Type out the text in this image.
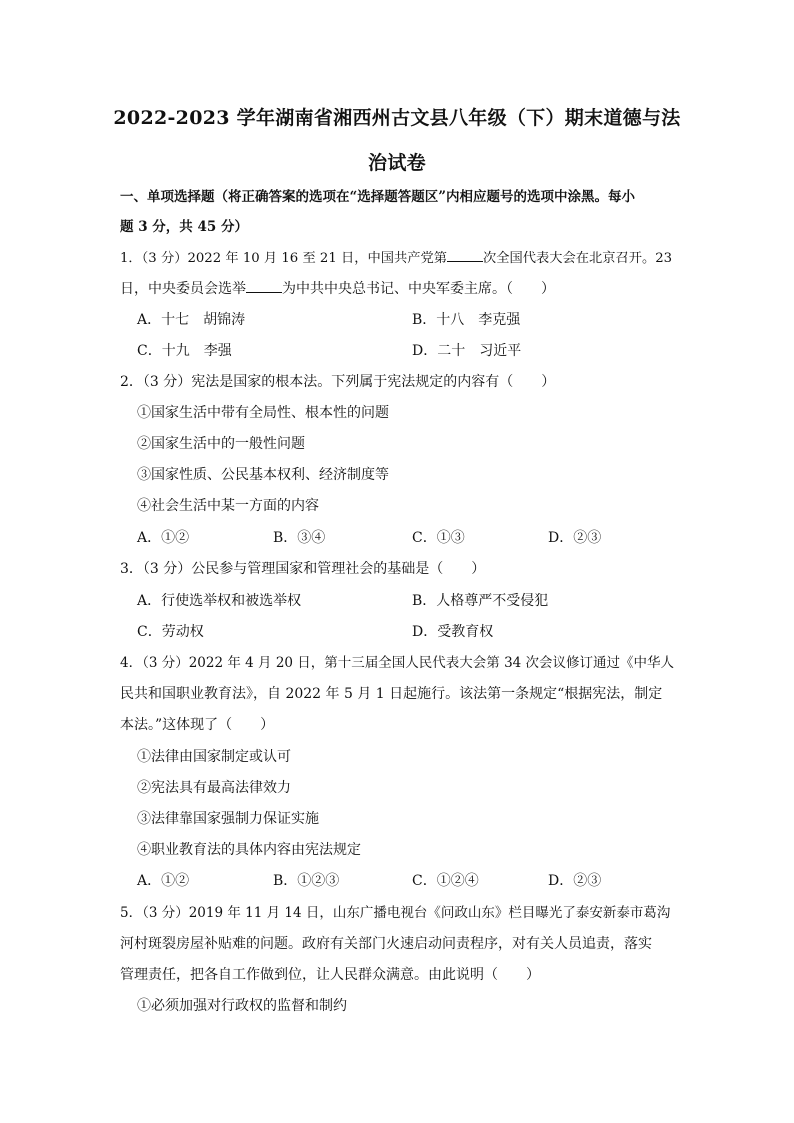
2022-2023 学年湖南省湘西州古文县八年级（下）期末道德与法
治试卷
一、单项选择题（将正确答案的选项在“选择题答题区”内相应题号的选项中涂黑。每小
题 3 分，共 45 分）
1．（3 分）2022 年 10 月 16 至 21 日，中国共产党第	次全国代表大会在北京召开。23
日，中央委员会选举	为中共中央总书记、中央军委主席。（　　）
A．十七　胡锦涛	B．十八　李克强
C．十九　李强	D．二十　习近平
2．（3 分）宪法是国家的根本法。下列属于宪法规定的内容有（　　）
①国家生活中带有全局性、根本性的问题
②国家生活中的一般性问题
③国家性质、公民基本权利、经济制度等
④社会生活中某一方面的内容
A．①②	B．③④	C．①③	D．②③
3．（3 分）公民参与管理国家和管理社会的基础是（　　）
A．行使选举权和被选举权	B．人格尊严不受侵犯
C．劳动权	D．受教育权
4．（3 分）2022 年 4 月 20 日，第十三届全国人民代表大会第 34 次会议修订通过《中华人
民共和国职业教育法》，自 2022 年 5 月 1 日起施行。该法第一条规定“根据宪法，制定
本法。”这体现了（　　）
①法律由国家制定或认可
②宪法具有最高法律效力
③法律靠国家强制力保证实施
④职业教育法的具体内容由宪法规定
A．①②	B．①②③	C．①②④	D．②③
5．（3 分）2019 年 11 月 14 日，山东广播电视台《问政山东》栏目曝光了泰安新泰市葛沟
河村斑裂房屋补贴难的问题。政府有关部门火速启动问责程序，对有关人员追责，落实
管理责任，把各自工作做到位，让人民群众满意。由此说明（　　）
①必须加强对行政权的监督和制约
